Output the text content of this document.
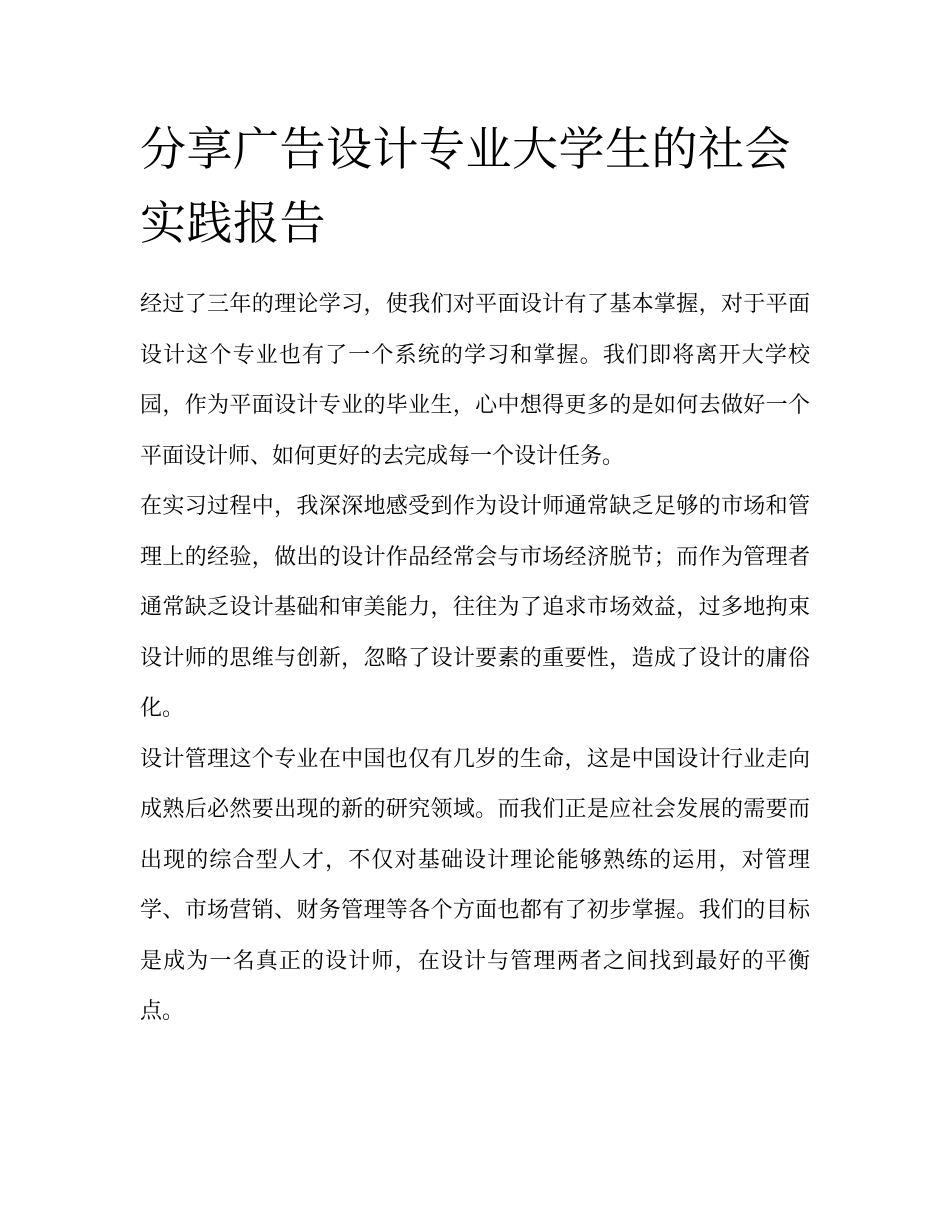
分享广告设计专业大学生的社会实践报告

经过了三年的理论学习，使我们对平面设计有了基本掌握，对于平面设计这个专业也有了一个系统的学习和掌握。我们即将离开大学校园，作为平面设计专业的毕业生，心中想得更多的是如何去做好一个平面设计师、如何更好的去完成每一个设计任务。

在实习过程中，我深深地感受到作为设计师通常缺乏足够的市场和管理上的经验，做出的设计作品经常会与市场经济脱节；而作为管理者通常缺乏设计基础和审美能力，往往为了追求市场效益，过多地拘束设计师的思维与创新，忽略了设计要素的重要性，造成了设计的庸俗化。

设计管理这个专业在中国也仅有几岁的生命，这是中国设计行业走向成熟后必然要出现的新的研究领域。而我们正是应社会发展的需要而出现的综合型人才，不仅对基础设计理论能够熟练的运用，对管理学、市场营销、财务管理等各个方面也都有了初步掌握。我们的目标是成为一名真正的设计师，在设计与管理两者之间找到最好的平衡点。
